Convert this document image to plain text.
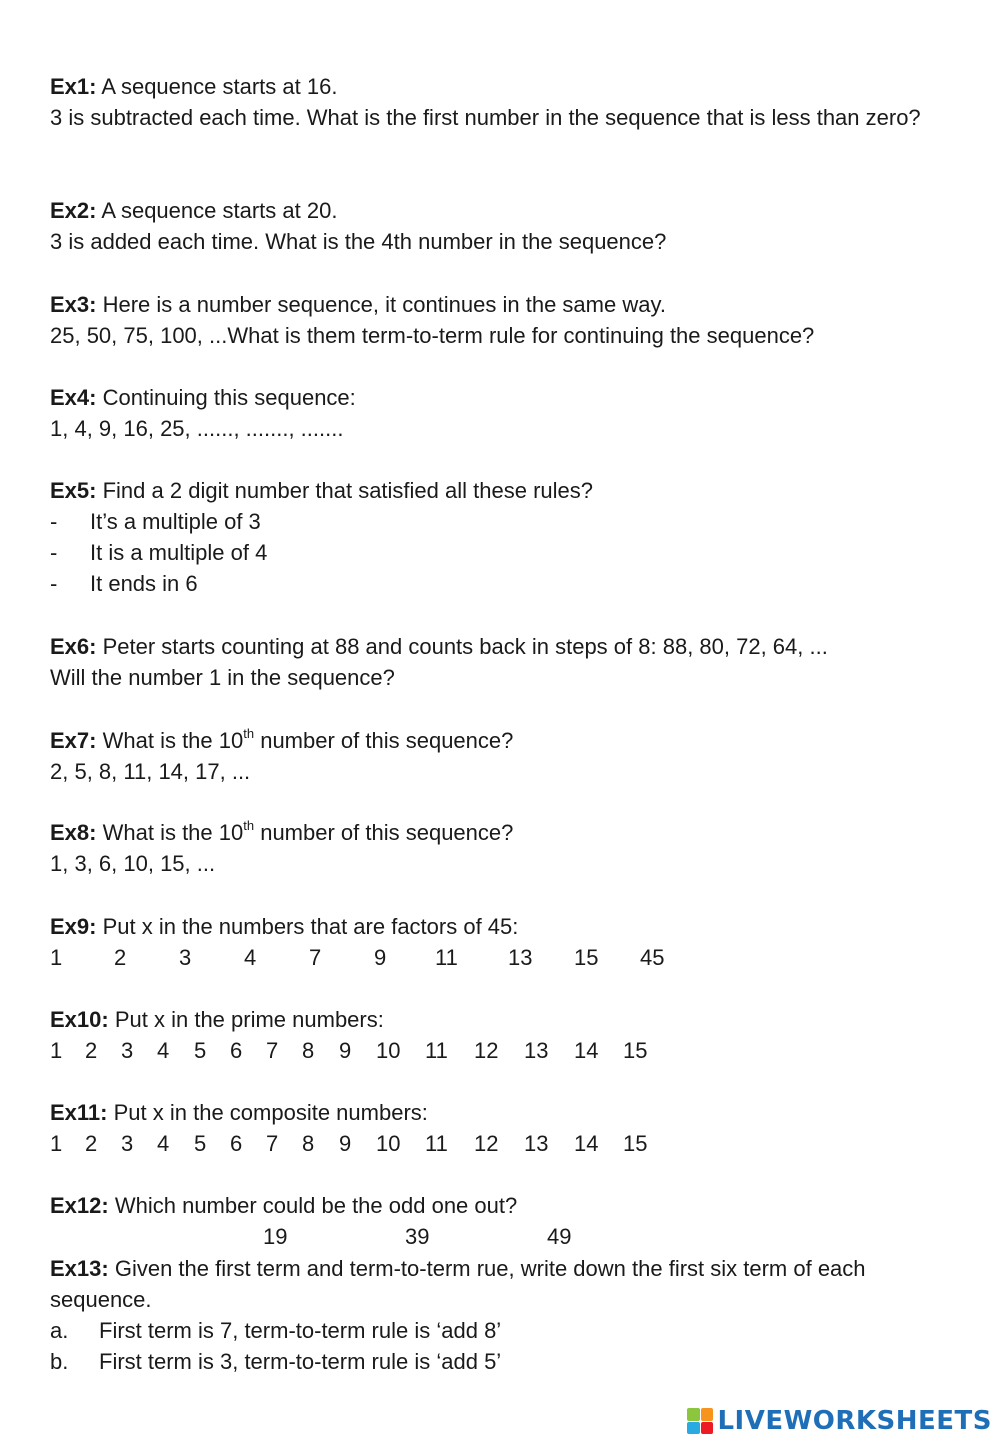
Ex1: A sequence starts at 16.
3 is subtracted each time. What is the first number in the sequence that is less than zero?
Ex2: A sequence starts at 20.
3 is added each time. What is the 4th number in the sequence?
Ex3: Here is a number sequence, it continues in the same way.
25, 50, 75, 100, ...What is them term-to-term rule for continuing the sequence?
Ex4: Continuing this sequence:
1, 4, 9, 16, 25, ......, ......., .......
Ex5: Find a 2 digit number that satisfied all these rules?
-	It’s a multiple of 3
-	It is a multiple of 4
-	It ends in 6
Ex6: Peter starts counting at 88 and counts back in steps of 8: 88, 80, 72, 64, ...
Will the number 1 in the sequence?
Ex7: What is the 10th number of this sequence?
2, 5, 8, 11, 14, 17, ...
Ex8: What is the 10th number of this sequence?
1, 3, 6, 10, 15, ...
Ex9: Put x in the numbers that are factors of 45:
1 2 3 4 7 9 11 13 15 45
Ex10: Put x in the prime numbers:
1 2 3 4 5 6 7 8 9 10 11 12 13 14 15
Ex11: Put x in the composite numbers:
1 2 3 4 5 6 7 8 9 10 11 12 13 14 15
Ex12: Which number could be the odd one out?
19	39	49
Ex13: Given the first term and term-to-term rue, write down the first six term of each sequence.
a.	First term is 7, term-to-term rule is ‘add 8’
b.	First term is 3, term-to-term rule is ‘add 5’
LIVEWORKSHEETS
